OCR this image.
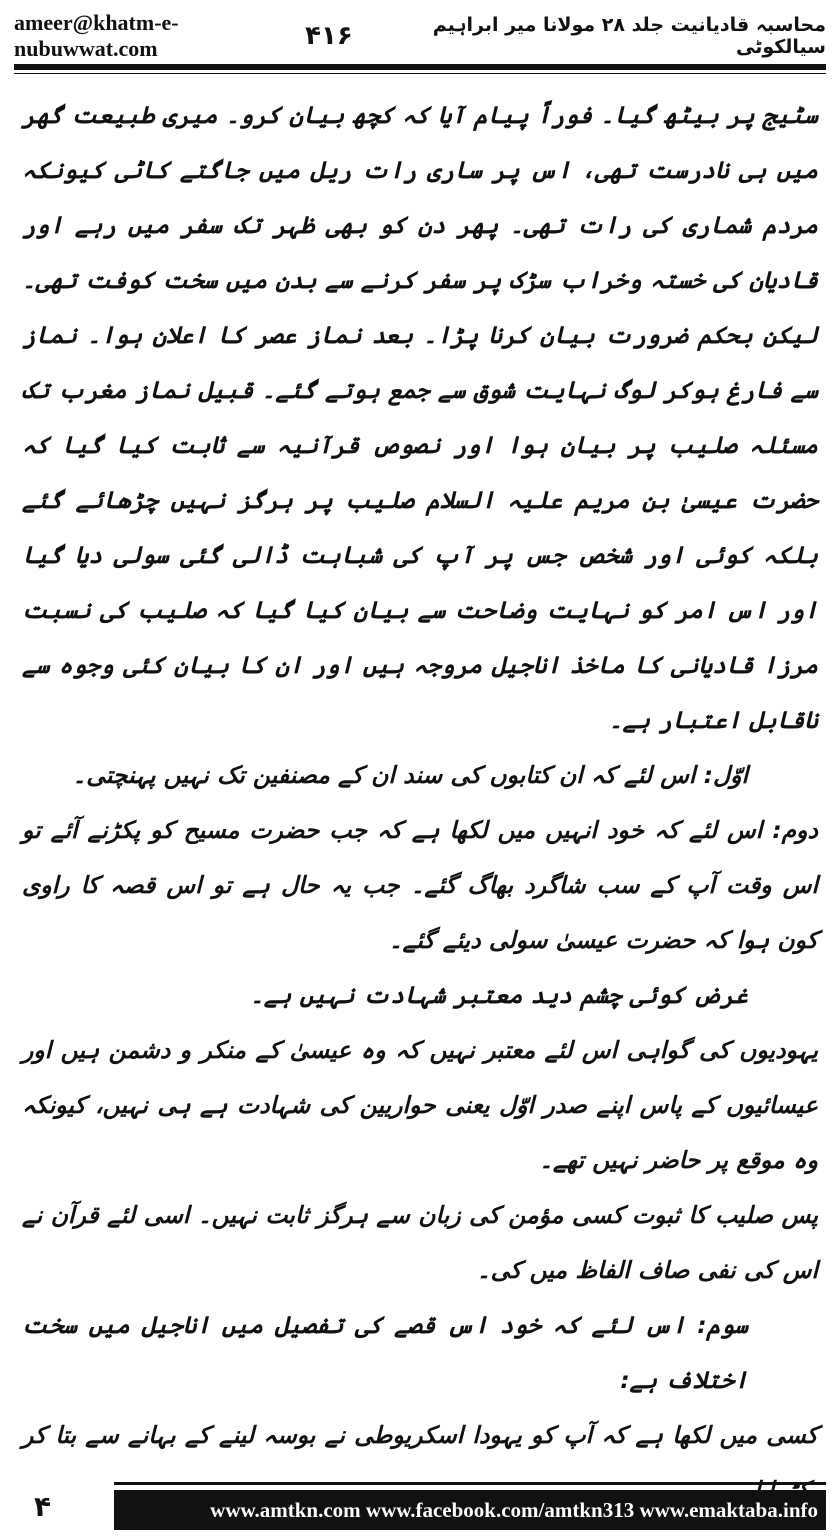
ameer@khatm-e-nubuwwat.com
محاسبہ قادیانیت جلد ۲۸ مولانا میر ابراہیم سیالکوٹی
۴۱۶

سٹیج پر بیٹھ گیا۔ فوراً پیام آیا کہ کچھ بیان کرو۔ میری طبیعت گھر میں ہی نادرست تھی، اس پر ساری رات ریل میں جاگتے کاٹی کیونکہ مردم شماری کی رات تھی۔ پھر دن کو بھی ظہر تک سفر میں رہے اور قادیان کی خستہ وخراب سڑک پر سفر کرنے سے بدن میں سخت کوفت تھی۔ لیکن بحکم ضرورت بیان کرنا پڑا۔ بعد نماز عصر کا اعلان ہوا۔ نماز سے فارغ ہوکر لوگ نہایت شوق سے جمع ہوتے گئے۔ قبیل نماز مغرب تک مسئلہ صلیب پر بیان ہوا اور نصوص قرآنیہ سے ثابت کیا گیا کہ حضرت عیسیٰ بن مریم علیہ السلام صلیب پر ہرگز نہیں چڑھائے گئے بلکہ کوئی اور شخص جس پر آپ کی شباہت ڈالی گئی سولی دیا گیا اور اس امر کو نہایت وضاحت سے بیان کیا گیا کہ صلیب کی نسبت مرزا قادیانی کا ماخذ اناجیل مروجہ ہیں اور ان کا بیان کئی وجوہ سے ناقابل اعتبار ہے۔

اوّل: اس لئے کہ ان کتابوں کی سند ان کے مصنفین تک نہیں پہنچتی۔

دوم: اس لئے کہ خود انہیں میں لکھا ہے کہ جب حضرت مسیح کو پکڑنے آئے تو اس وقت آپ کے سب شاگرد بھاگ گئے۔ جب یہ حال ہے تو اس قصہ کا راوی کون ہوا کہ حضرت عیسیٰ سولی دیئے گئے۔

غرض کوئی چشم دید معتبر شہادت نہیں ہے۔

یہودیوں کی گواہی اس لئے معتبر نہیں کہ وہ عیسیٰ کے منکر و دشمن ہیں اور عیسائیوں کے پاس اپنے صدر اوّل یعنی حواریین کی شہادت ہے ہی نہیں، کیونکہ وہ موقع پر حاضر نہیں تھے۔

پس صلیب کا ثبوت کسی مؤمن کی زبان سے ہرگز ثابت نہیں۔ اسی لئے قرآن نے اس کی نفی صاف الفاظ میں کی۔

سوم: اس لئے کہ خود اس قصے کی تفصیل میں اناجیل میں سخت اختلاف ہے:

کسی میں لکھا ہے کہ آپ کو یہودا اسکریوطی نے بوسہ لینے کے بہانے سے بتا کر

۴	www.amtkn.com www.facebook.com/amtkn313 www.emaktaba.info
